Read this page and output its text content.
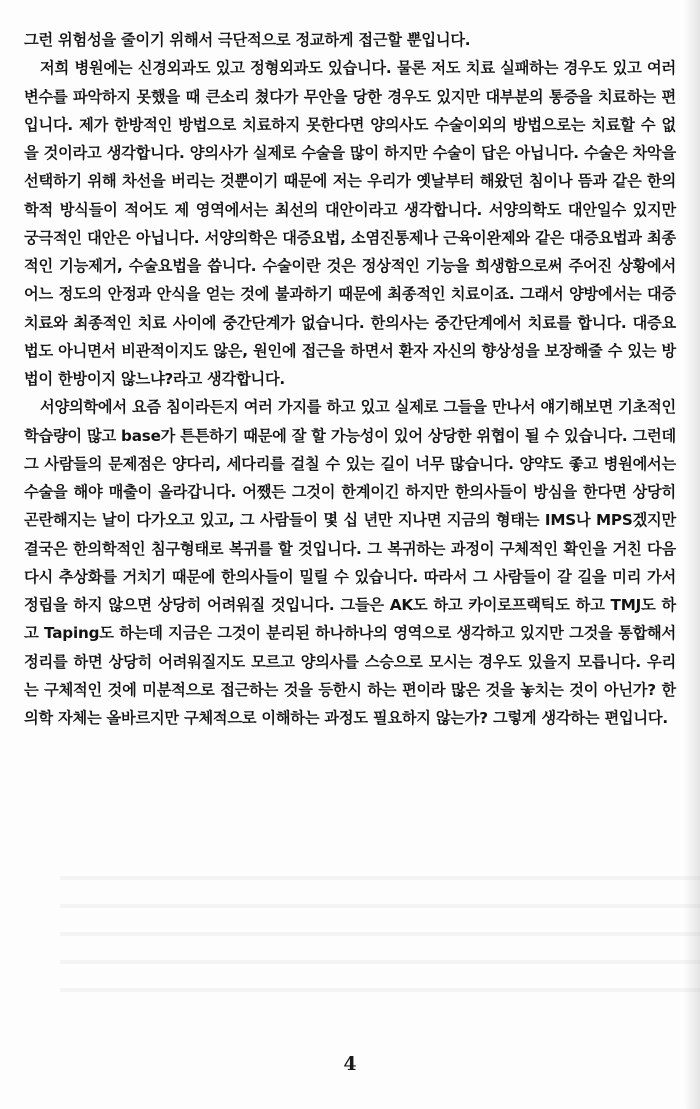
그런 위험성을 줄이기 위해서 극단적으로 정교하게 접근할 뿐입니다.

저희 병원에는 신경외과도 있고 정형외과도 있습니다. 물론 저도 치료 실패하는 경우도 있고 여러 변수를 파악하지 못했을 때 큰소리 쳤다가 무안을 당한 경우도 있지만 대부분의 통증을 치료하는 편입니다. 제가 한방적인 방법으로 치료하지 못한다면 양의사도 수술이외의 방법으로는 치료할 수 없을 것이라고 생각합니다. 양의사가 실제로 수술을 많이 하지만 수술이 답은 아닙니다. 수술은 차악을 선택하기 위해 차선을 버리는 것뿐이기 때문에 저는 우리가 옛날부터 해왔던 침이나 뜸과 같은 한의학적 방식들이 적어도 제 영역에서는 최선의 대안이라고 생각합니다. 서양의학도 대안일수 있지만 궁극적인 대안은 아닙니다. 서양의학은 대증요법, 소염진통제나 근육이완제와 같은 대증요법과 최종적인 기능제거, 수술요법을 씁니다. 수술이란 것은 정상적인 기능을 희생함으로써 주어진 상황에서 어느 정도의 안정과 안식을 얻는 것에 불과하기 때문에 최종적인 치료이죠. 그래서 양방에서는 대증치료와 최종적인 치료 사이에 중간단계가 없습니다. 한의사는 중간단계에서 치료를 합니다. 대증요법도 아니면서 비관적이지도 않은, 원인에 접근을 하면서 환자 자신의 향상성을 보장해줄 수 있는 방법이 한방이지 않느냐?라고 생각합니다.

서양의학에서 요즘 침이라든지 여러 가지를 하고 있고 실제로 그들을 만나서 얘기해보면 기초적인 학습량이 많고 base가 튼튼하기 때문에 잘 할 가능성이 있어 상당한 위협이 될 수 있습니다. 그런데 그 사람들의 문제점은 양다리, 세다리를 걸칠 수 있는 길이 너무 많습니다. 양약도 좋고 병원에서는 수술을 해야 매출이 올라갑니다. 어쨌든 그것이 한계이긴 하지만 한의사들이 방심을 한다면 상당히 곤란해지는 날이 다가오고 있고, 그 사람들이 몇 십 년만 지나면 지금의 형태는 IMS나 MPS겠지만 결국은 한의학적인 침구형태로 복귀를 할 것입니다. 그 복귀하는 과정이 구체적인 확인을 거친 다음 다시 추상화를 거치기 때문에 한의사들이 밀릴 수 있습니다. 따라서 그 사람들이 갈 길을 미리 가서 정립을 하지 않으면 상당히 어려워질 것입니다. 그들은 AK도 하고 카이로프랙틱도 하고 TMJ도 하고 Taping도 하는데 지금은 그것이 분리된 하나하나의 영역으로 생각하고 있지만 그것을 통합해서 정리를 하면 상당히 어려워질지도 모르고 양의사를 스승으로 모시는 경우도 있을지 모릅니다. 우리는 구체적인 것에 미분적으로 접근하는 것을 등한시 하는 편이라 많은 것을 놓치는 것이 아닌가? 한의학 자체는 올바르지만 구체적으로 이해하는 과정도 필요하지 않는가? 그렇게 생각하는 편입니다.

4
